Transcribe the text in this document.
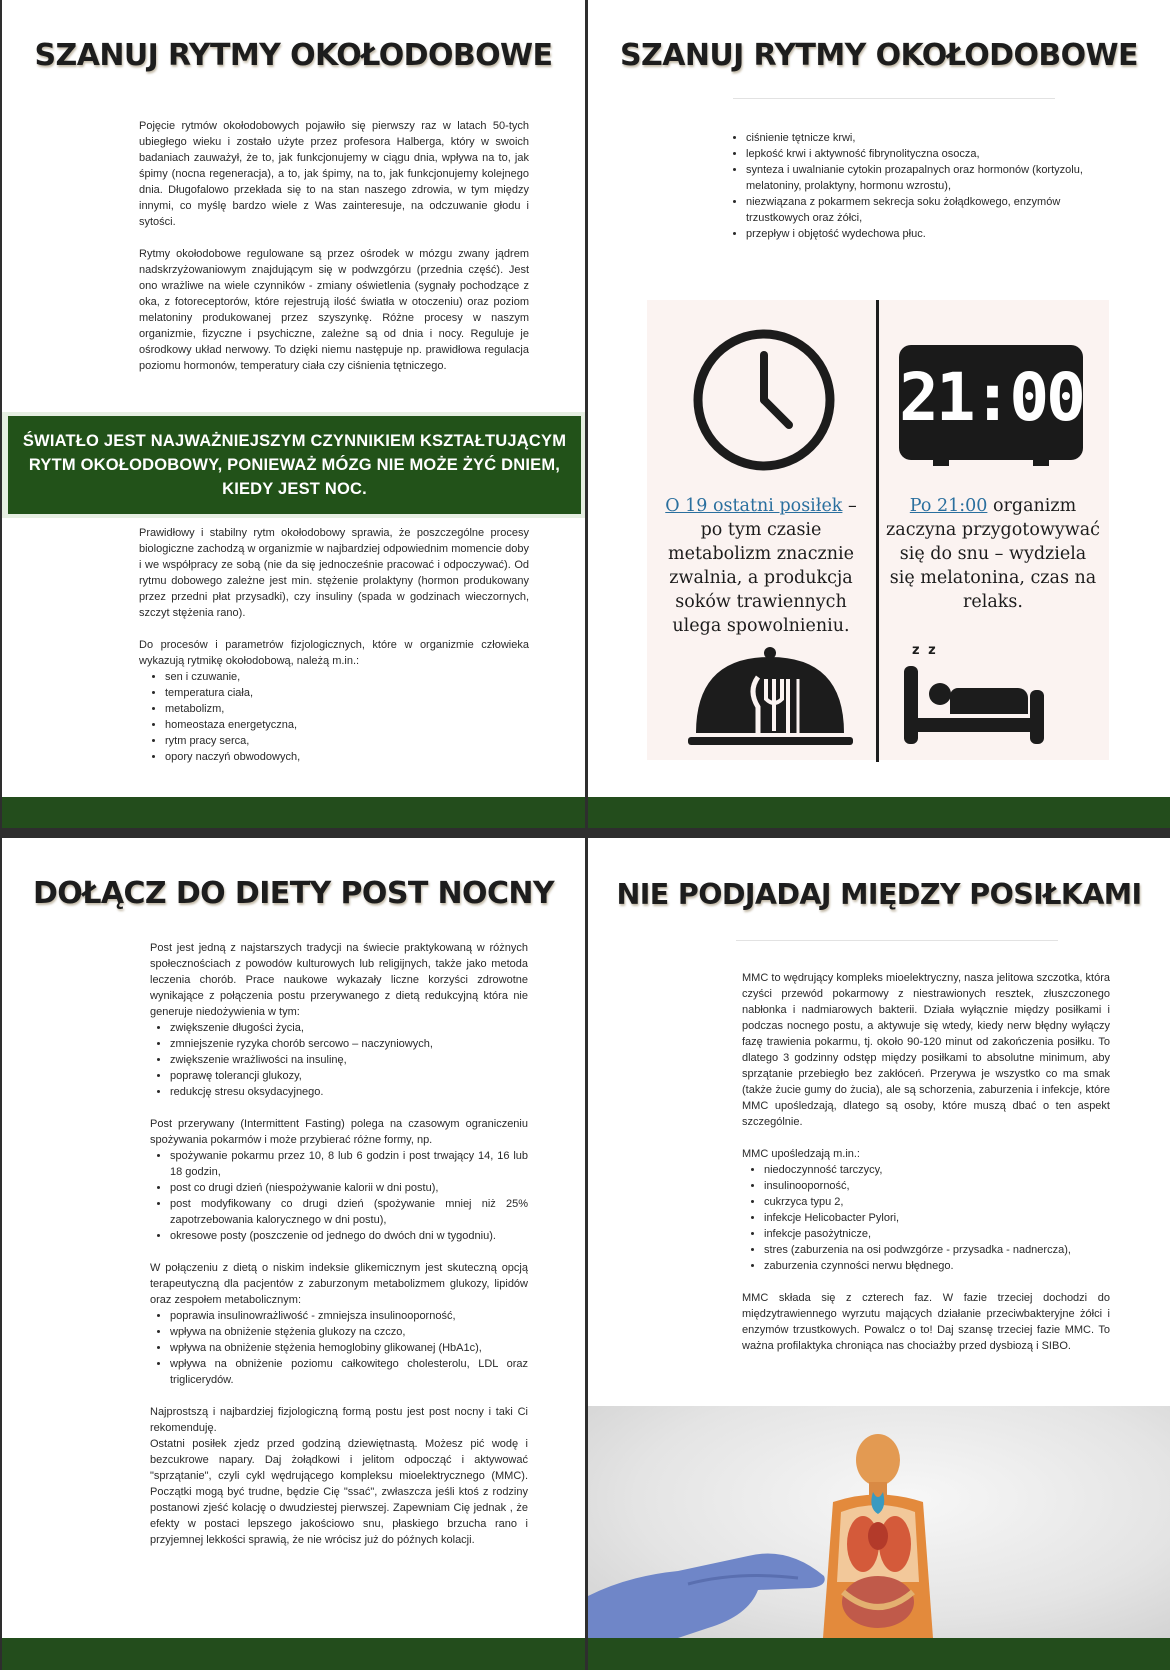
SZANUJ RYTMY OKOŁODOBOWE

Pojęcie rytmów okołodobowych pojawiło się pierwszy raz w latach 50-tych ubiegłego wieku i zostało użyte przez profesora Halberga, który w swoich badaniach zauważył, że to, jak funkcjonujemy w ciągu dnia, wpływa na to, jak śpimy (nocna regeneracja), a to, jak śpimy, na to, jak funkcjonujemy kolejnego dnia. Długofalowo przekłada się to na stan naszego zdrowia, w tym między innymi, co myślę bardzo wiele z Was zainteresuje, na odczuwanie głodu i sytości.

Rytmy okołodobowe regulowane są przez ośrodek w mózgu zwany jądrem nadskrzyżowaniowym znajdującym się w podwzgórzu (przednia część). Jest ono wrażliwe na wiele czynników - zmiany oświetlenia (sygnały pochodzące z oka, z fotoreceptorów, które rejestrują ilość światła w otoczeniu) oraz poziom melatoniny produkowanej przez szyszynkę. Różne procesy w naszym organizmie, fizyczne i psychiczne, zależne są od dnia i nocy. Reguluje je ośrodkowy układ nerwowy. To dzięki niemu następuje np. prawidłowa regulacja poziomu hormonów, temperatury ciała czy ciśnienia tętniczego.

ŚWIATŁO JEST NAJWAŻNIEJSZYM CZYNNIKIEM KSZTAŁTUJĄCYM RYTM OKOŁODOBOWY, PONIEWAŻ MÓZG NIE MOŻE ŻYĆ DNIEM, KIEDY JEST NOC.

Prawidłowy i stabilny rytm okołodobowy sprawia, że poszczególne procesy biologiczne zachodzą w organizmie w najbardziej odpowiednim momencie doby i we współpracy ze sobą (nie da się jednocześnie pracować i odpoczywać). Od rytmu dobowego zależne jest min. stężenie prolaktyny (hormon produkowany przez przedni płat przysadki), czy insuliny (spada w godzinach wieczornych, szczyt stężenia rano).

Do procesów i parametrów fizjologicznych, które w organizmie człowieka wykazują rytmikę okołodobową, należą m.in.:

• sen i czuwanie,
• temperatura ciała,
• metabolizm,
• homeostaza energetyczna,
• rytm pracy serca,
• opory naczyń obwodowych,
SZANUJ RYTMY OKOŁODOBOWE
• ciśnienie tętnicze krwi,
• lepkość krwi i aktywność fibrynolityczna osocza,
• synteza i uwalnianie cytokin prozapalnych oraz hormonów (kortyzolu, melatoniny, prolaktyny, hormonu wzrostu),
• niezwiązana z pokarmem sekrecja soku żołądkowego, enzymów trzustkowych oraz żółci,
• przepływ i objętość wydechowa płuc.
21:00
O 19 ostatni posiłek – po tym czasie metabolizm znacznie zwalnia, a produkcja soków trawiennych ulega spowolnieniu.
Po 21:00 organizm zaczyna przygotowywać się do snu – wydziela się melatonina, czas na relaks.
z z
DOŁĄCZ DO DIETY POST NOCNY

Post jest jedną z najstarszych tradycji na świecie praktykowaną w różnych społecznościach z powodów kulturowych lub religijnych, także jako metoda leczenia chorób. Prace naukowe wykazały liczne korzyści zdrowotne wynikające z połączenia postu przerywanego z dietą redukcyjną która nie generuje niedożywienia w tym:

• zwiększenie długości życia,
• zmniejszenie ryzyka chorób sercowo – naczyniowych,
• zwiększenie wrażliwości na insulinę,
• poprawę tolerancji glukozy,
• redukcję stresu oksydacyjnego.

Post przerywany (Intermittent Fasting) polega na czasowym ograniczeniu spożywania pokarmów i może przybierać różne formy, np.

• spożywanie pokarmu przez 10, 8 lub 6 godzin i post trwający 14, 16 lub 18 godzin,
• post co drugi dzień (niespożywanie kalorii w dni postu),
• post modyfikowany co drugi dzień (spożywanie mniej niż 25% zapotrzebowania kalorycznego w dni postu),
• okresowe posty (poszczenie od jednego do dwóch dni w tygodniu).

W połączeniu z dietą o niskim indeksie glikemicznym jest skuteczną opcją terapeutyczną dla pacjentów z zaburzonym metabolizmem glukozy, lipidów oraz zespołem metabolicznym:

• poprawia insulinowrażliwość - zmniejsza insulinooporność,
• wpływa na obniżenie stężenia glukozy na czczo,
• wpływa na obniżenie stężenia hemoglobiny glikowanej (HbA1c),
• wpływa na obniżenie poziomu całkowitego cholesterolu, LDL oraz triglicerydów.

Najprostszą i najbardziej fizjologiczną formą postu jest post nocny i taki Ci rekomenduję.

Ostatni posiłek zjedz przed godziną dziewiętnastą. Możesz pić wodę i bezcukrowe napary. Daj żołądkowi i jelitom odpocząć i aktywować "sprzątanie", czyli cykl wędrującego kompleksu mioelektrycznego (MMC). Początki mogą być trudne, będzie Cię "ssać", zwłaszcza jeśli ktoś z rodziny postanowi zjeść kolację o dwudziestej pierwszej. Zapewniam Cię jednak , że efekty w postaci lepszego jakościowo snu, płaskiego brzucha rano i przyjemnej lekkości sprawią, że nie wrócisz już do późnych kolacji.

NIE PODJADAJ MIĘDZY POSIŁKAMI

MMC to wędrujący kompleks mioelektryczny, nasza jelitowa szczotka, która czyści przewód pokarmowy z niestrawionych resztek, złuszczonego nabłonka i nadmiarowych bakterii. Działa wyłącznie między posiłkami i podczas nocnego postu, a aktywuje się wtedy, kiedy nerw błędny wyłączy fazę trawienia pokarmu, tj. około 90-120 minut od zakończenia posiłku. To dlatego 3 godzinny odstęp między posiłkami to absolutne minimum, aby sprzątanie przebiegło bez zakłóceń. Przerywa je wszystko co ma smak (także żucie gumy do żucia), ale są schorzenia, zaburzenia i infekcje, które MMC upośledzają, dlatego są osoby, które muszą dbać o ten aspekt szczególnie.

MMC upośledzają m.in.:

• niedoczynność tarczycy,
• insulinooporność,
• cukrzyca typu 2,
• infekcje Helicobacter Pylori,
• infekcje pasożytnicze,
• stres (zaburzenia na osi podwzgórze - przysadka - nadnercza),
• zaburzenia czynności nerwu błędnego.

MMC składa się z czterech faz. W fazie trzeciej dochodzi do międzytrawiennego wyrzutu mających działanie przeciwbakteryjne żółci i enzymów trzustkowych. Powalcz o to! Daj szansę trzeciej fazie MMC. To ważna profilaktyka chroniąca nas chociażby przed dysbiozą i SIBO.
